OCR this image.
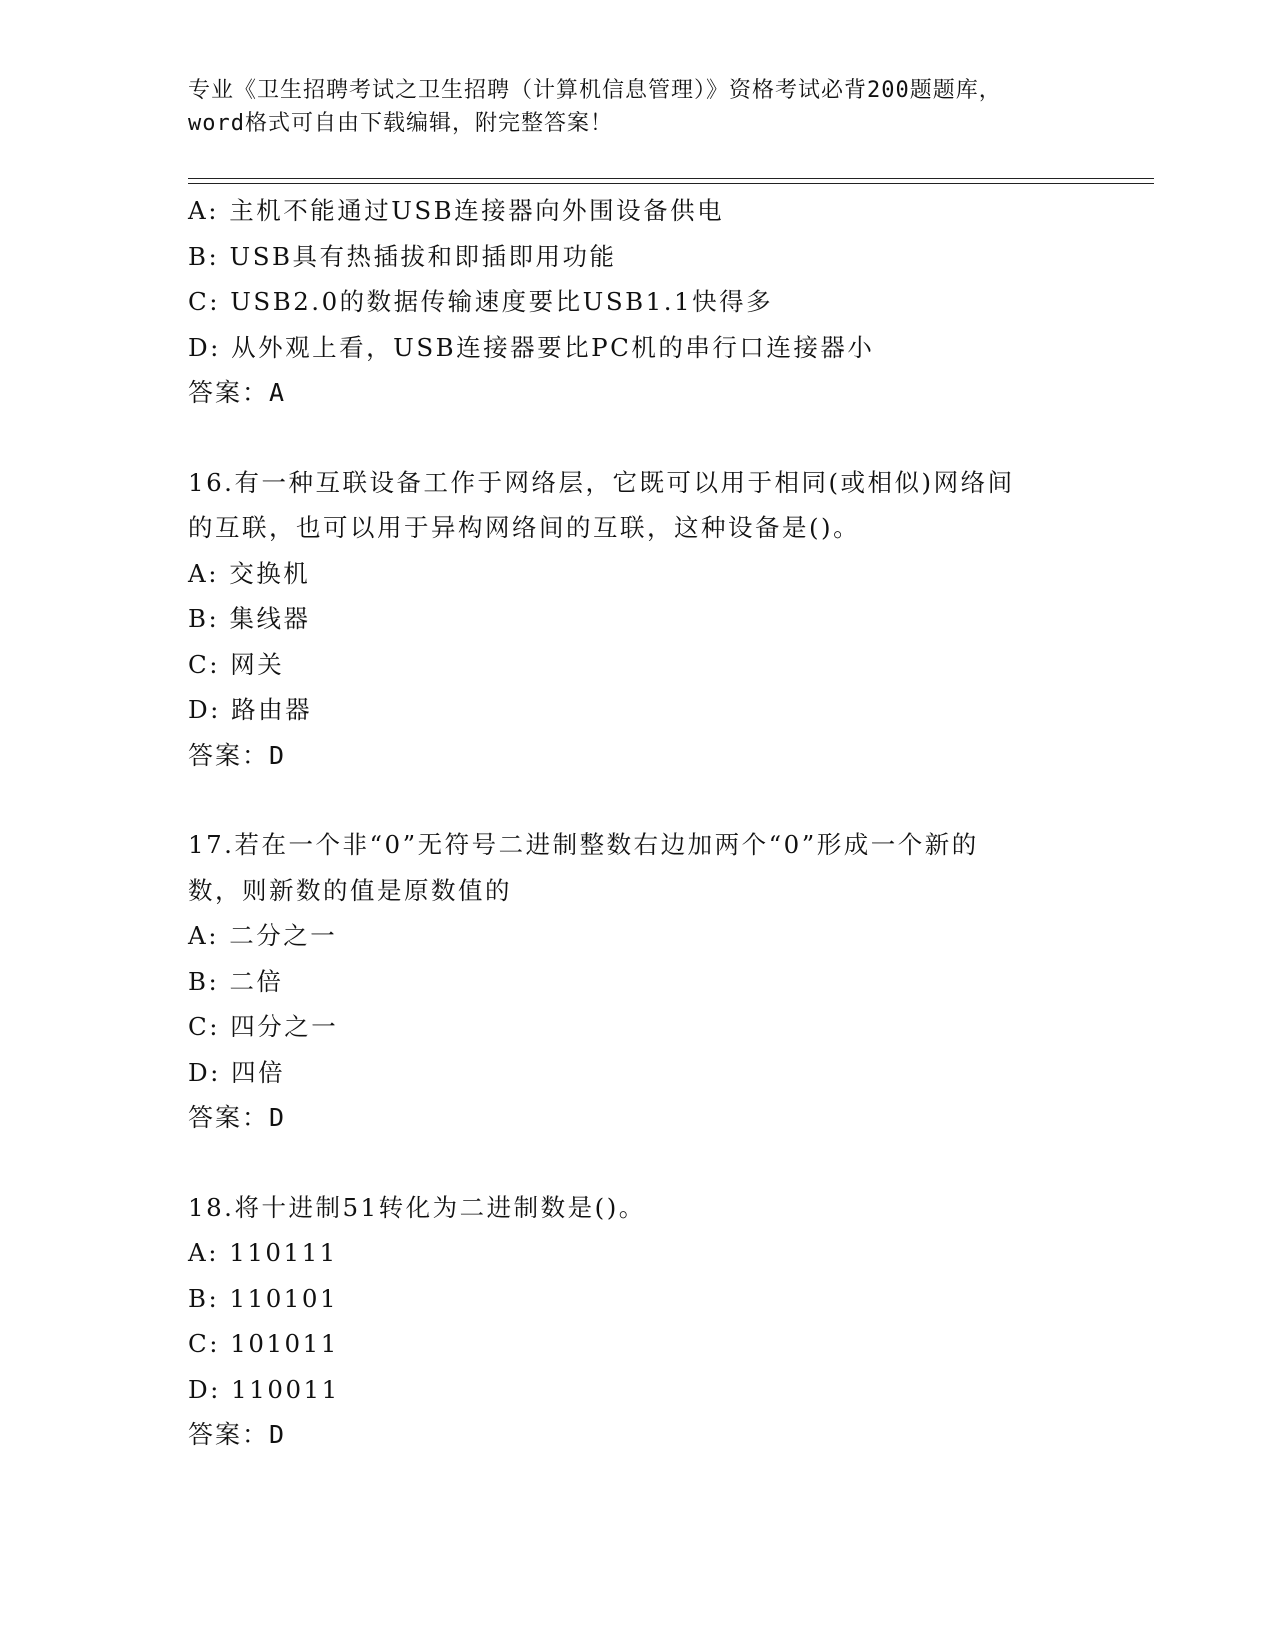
专业《卫生招聘考试之卫生招聘（计算机信息管理）》资格考试必背200题题库，
word格式可自由下载编辑，附完整答案！
A: 主机不能通过USB连接器向外围设备供电
B: USB具有热插拔和即插即用功能
C: USB2.0的数据传输速度要比USB1.1快得多
D: 从外观上看，USB连接器要比PC机的串行口连接器小
答案：A
16.有一种互联设备工作于网络层，它既可以用于相同(或相似)网络间
的互联，也可以用于异构网络间的互联，这种设备是()。
A: 交换机
B: 集线器
C: 网关
D: 路由器
答案：D
17.若在一个非“0”无符号二进制整数右边加两个“0”形成一个新的
数，则新数的值是原数值的
A: 二分之一
B: 二倍
C: 四分之一
D: 四倍
答案：D
18.将十进制51转化为二进制数是()。
A: 110111
B: 110101
C: 101011
D: 110011
答案：D
